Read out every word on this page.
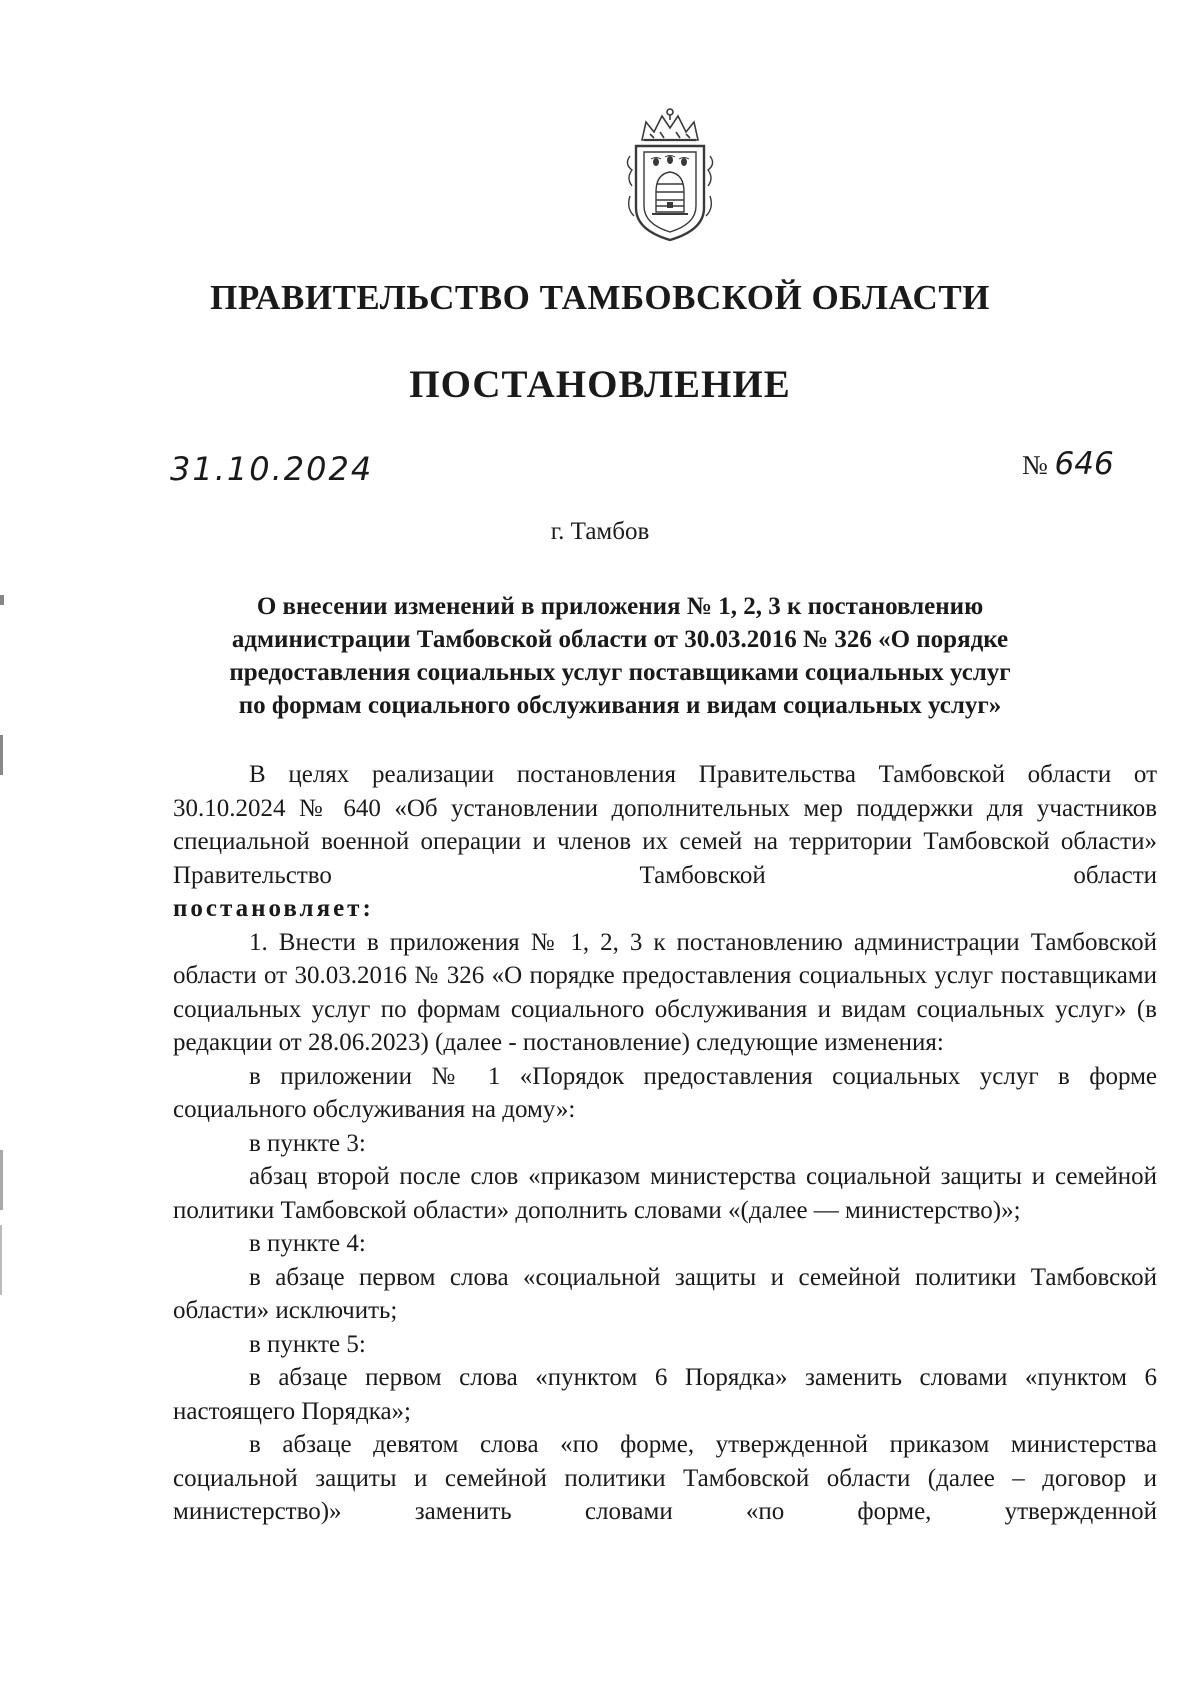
ПРАВИТЕЛЬСТВО ТАМБОВСКОЙ ОБЛАСТИ
ПОСТАНОВЛЕНИЕ
31.10.2024	№ 646
г. Тамбов
О внесении изменений в приложения № 1, 2, 3 к постановлению
администрации Тамбовской области от 30.03.2016 № 326 «О порядке
предоставления социальных услуг поставщиками социальных услуг
по формам социального обслуживания и видам социальных услуг»

В целях реализации постановления Правительства Тамбовской области от 30.10.2024 № 640 «Об установлении дополнительных мер поддержки для участников специальной военной операции и членов их семей на территории Тамбовской области» Правительство Тамбовской области

постановляет:

1. Внести в приложения № 1, 2, 3 к постановлению администрации Тамбовской области от 30.03.2016 № 326 «О порядке предоставления социальных услуг поставщиками социальных услуг по формам социального обслуживания и видам социальных услуг» (в редакции от 28.06.2023) (далее - постановление) следующие изменения:

в приложении № 1 «Порядок предоставления социальных услуг в форме социального обслуживания на дому»:

в пункте 3:

абзац второй после слов «приказом министерства социальной защиты и семейной политики Тамбовской области» дополнить словами «(далее — министерство)»;

в пункте 4:

в абзаце первом слова «социальной защиты и семейной политики Тамбовской области» исключить;

в пункте 5:

в абзаце первом слова «пунктом 6 Порядка» заменить словами «пунктом 6 настоящего Порядка»;

в абзаце девятом слова «по форме, утвержденной приказом министерства социальной защиты и семейной политики Тамбовской области (далее – договор и министерство)» заменить словами «по форме, утвержденной
